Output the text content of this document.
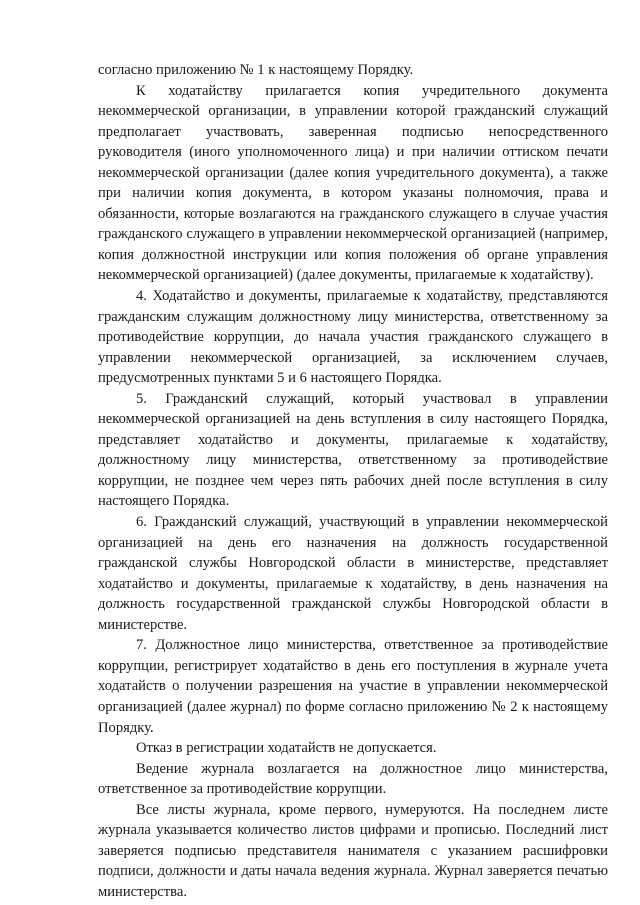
согласно приложению № 1 к настоящему Порядку.

К ходатайству прилагается копия учредительного документа некоммерческой организации, в управлении которой гражданский служащий предполагает участвовать, заверенная подписью непосредственного руководителя (иного уполномоченного лица) и при наличии оттиском печати некоммерческой организации (далее копия учредительного документа), а также при наличии копия документа, в котором указаны полномочия, права и обязанности, которые возлагаются на гражданского служащего в случае участия гражданского служащего в управлении некоммерческой организацией (например, копия должностной инструкции или копия положения об органе управления некоммерческой организацией) (далее документы, прилагаемые к ходатайству).

4. Ходатайство и документы, прилагаемые к ходатайству, представляются гражданским служащим должностному лицу министерства, ответственному за противодействие коррупции, до начала участия гражданского служащего в управлении некоммерческой организацией, за исключением случаев, предусмотренных пунктами 5 и 6 настоящего Порядка.

5. Гражданский служащий, который участвовал в управлении некоммерческой организацией на день вступления в силу настоящего Порядка, представляет ходатайство и документы, прилагаемые к ходатайству, должностному лицу министерства, ответственному за противодействие коррупции, не позднее чем через пять рабочих дней после вступления в силу настоящего Порядка.

6. Гражданский служащий, участвующий в управлении некоммерческой организацией на день его назначения на должность государственной гражданской службы Новгородской области в министерстве, представляет ходатайство и документы, прилагаемые к ходатайству, в день назначения на должность государственной гражданской службы Новгородской области в министерстве.

7. Должностное лицо министерства, ответственное за противодействие коррупции, регистрирует ходатайство в день его поступления в журнале учета ходатайств о получении разрешения на участие в управлении некоммерческой организацией (далее журнал) по форме согласно приложению № 2 к настоящему Порядку.

Отказ в регистрации ходатайств не допускается.

Ведение журнала возлагается на должностное лицо министерства, ответственное за противодействие коррупции.

Все листы журнала, кроме первого, нумеруются. На последнем листе журнала указывается количество листов цифрами и прописью. Последний лист заверяется подписью представителя нанимателя с указанием расшифровки подписи, должности и даты начала ведения журнала. Журнал заверяется печатью министерства.
